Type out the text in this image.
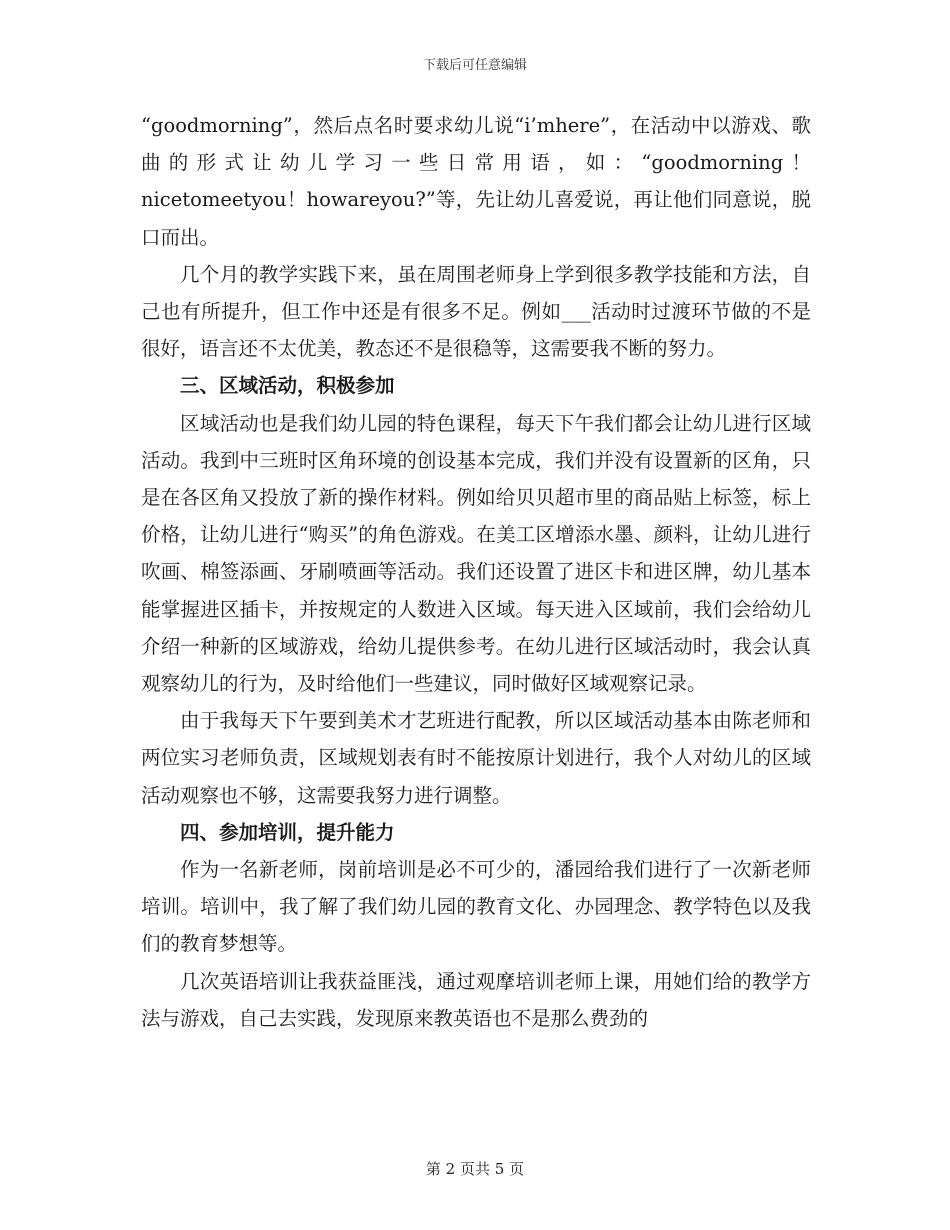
下载后可任意编辑

“goodmorning”，然后点名时要求幼儿说“i’mhere”，在活动中以游戏、歌曲的形式让幼儿学习一些日常用语，如：“goodmorning！nicetomeetyou！howareyou?”等，先让幼儿喜爱说，再让他们同意说，脱口而出。

几个月的教学实践下来，虽在周围老师身上学到很多教学技能和方法，自己也有所提升，但工作中还是有很多不足。例如___活动时过渡环节做的不是很好，语言还不太优美，教态还不是很稳等，这需要我不断的努力。

三、区域活动，积极参加

区域活动也是我们幼儿园的特色课程，每天下午我们都会让幼儿进行区域活动。我到中三班时区角环境的创设基本完成，我们并没有设置新的区角，只是在各区角又投放了新的操作材料。例如给贝贝超市里的商品贴上标签，标上价格，让幼儿进行“购买”的角色游戏。在美工区增添水墨、颜料，让幼儿进行吹画、棉签添画、牙刷喷画等活动。我们还设置了进区卡和进区牌，幼儿基本能掌握进区插卡，并按规定的人数进入区域。每天进入区域前，我们会给幼儿介绍一种新的区域游戏，给幼儿提供参考。在幼儿进行区域活动时，我会认真观察幼儿的行为，及时给他们一些建议，同时做好区域观察记录。

由于我每天下午要到美术才艺班进行配教，所以区域活动基本由陈老师和两位实习老师负责，区域规划表有时不能按原计划进行，我个人对幼儿的区域活动观察也不够，这需要我努力进行调整。

四、参加培训，提升能力

作为一名新老师，岗前培训是必不可少的，潘园给我们进行了一次新老师培训。培训中，我了解了我们幼儿园的教育文化、办园理念、教学特色以及我们的教育梦想等。

几次英语培训让我获益匪浅，通过观摩培训老师上课，用她们给的教学方法与游戏，自己去实践，发现原来教英语也不是那么费劲的

第 2 页共 5 页
